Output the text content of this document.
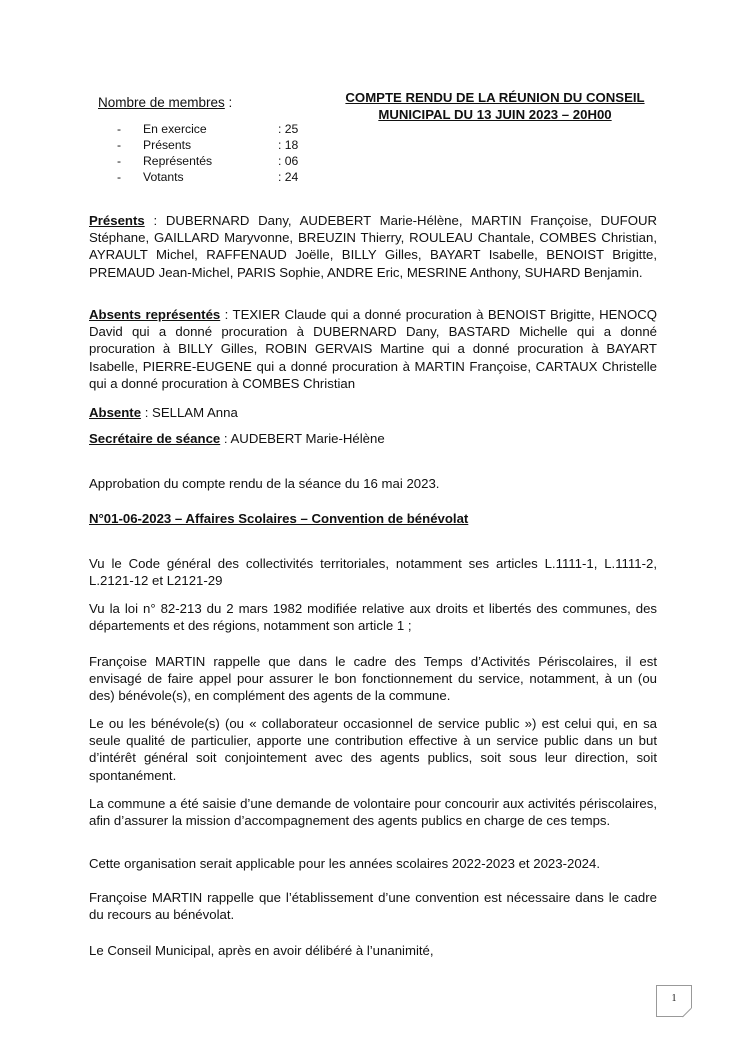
Nombre de membres :
-	En exercice	: 25
-	Présents	: 18
-	Représentés	: 06
-	Votants	: 24
COMPTE RENDU DE LA RÉUNION DU CONSEIL
MUNICIPAL DU 13 JUIN 2023 – 20H00
Présents : DUBERNARD Dany, AUDEBERT Marie-Hélène, MARTIN Françoise, DUFOUR Stéphane, GAILLARD Maryvonne, BREUZIN Thierry, ROULEAU Chantale, COMBES Christian, AYRAULT Michel, RAFFENAUD Joëlle, BILLY Gilles, BAYART Isabelle, BENOIST Brigitte, PREMAUD Jean-Michel, PARIS Sophie, ANDRE Eric, MESRINE Anthony, SUHARD Benjamin.
Absents représentés : TEXIER Claude qui a donné procuration à BENOIST Brigitte, HENOCQ David qui a donné procuration à DUBERNARD Dany, BASTARD Michelle qui a donné procuration à BILLY Gilles, ROBIN GERVAIS Martine qui a donné procuration à BAYART Isabelle, PIERRE-EUGENE qui a donné procuration à MARTIN Françoise, CARTAUX Christelle qui a donné procuration à COMBES Christian
Absente : SELLAM Anna
Secrétaire de séance : AUDEBERT Marie-Hélène
Approbation du compte rendu de la séance du 16 mai 2023.
N°01-06-2023 – Affaires Scolaires – Convention de bénévolat
Vu le Code général des collectivités territoriales, notamment ses articles L.1111-1, L.1111-2, L.2121-12 et L2121-29
Vu la loi n° 82-213 du 2 mars 1982 modifiée relative aux droits et libertés des communes, des départements et des régions, notamment son article 1 ;
Françoise MARTIN rappelle que dans le cadre des Temps d’Activités Périscolaires, il est envisagé de faire appel pour assurer le bon fonctionnement du service, notamment, à un (ou des) bénévole(s), en complément des agents de la commune.
Le ou les bénévole(s) (ou « collaborateur occasionnel de service public ») est celui qui, en sa seule qualité de particulier, apporte une contribution effective à un service public dans un but d’intérêt général soit conjointement avec des agents publics, soit sous leur direction, soit spontanément.
La commune a été saisie d’une demande de volontaire pour concourir aux activités périscolaires, afin d’assurer la mission d’accompagnement des agents publics en charge de ces temps.
Cette organisation serait applicable pour les années scolaires 2022-2023 et 2023-2024.
Françoise MARTIN rappelle que l’établissement d’une convention est nécessaire dans le cadre du recours au bénévolat.
Le Conseil Municipal, après en avoir délibéré à l’unanimité,
1
